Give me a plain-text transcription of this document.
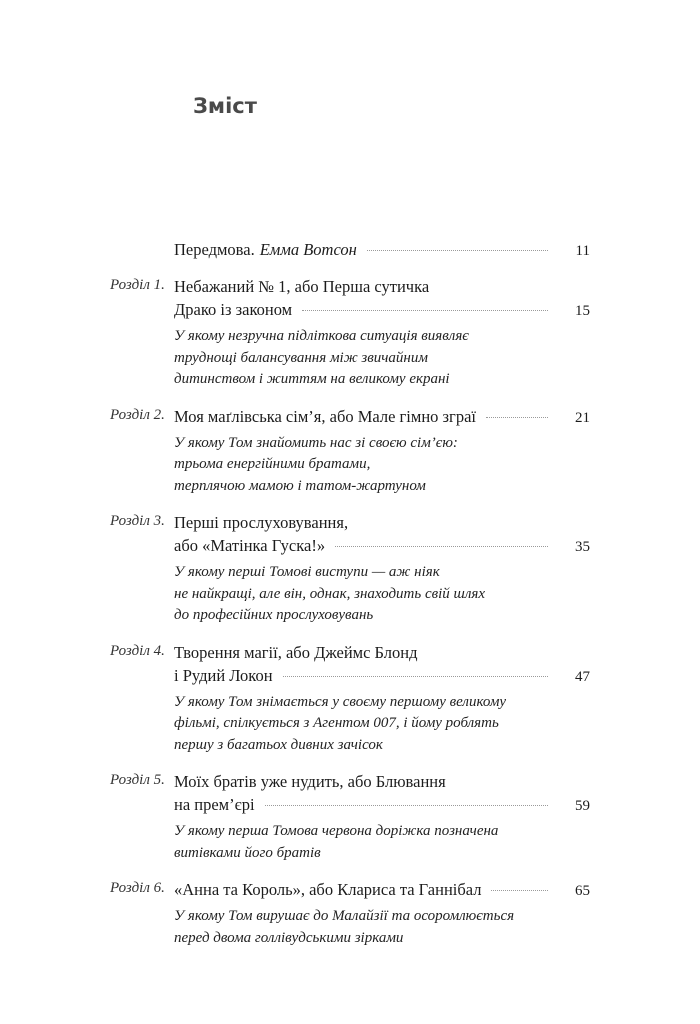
Зміст
Передмова. Емма Вотсон	11
Розділ 1. Небажаний № 1, або Перша сутичка
Драко із законом	15
У якому незручна підліткова ситуація виявляє
труднощі балансування між звичайним
дитинством і життям на великому екрані
Розділ 2. Моя маґлівська сім’я, або Мале гімно зграї	21
У якому Том знайомить нас зі своєю сім’єю:
трьома енергійними братами,
терплячою мамою і татом-жартуном
Розділ 3. Перші прослуховування,
або «Матінка Гуска!»	35
У якому перші Томові виступи — аж ніяк
не найкращі, але він, однак, знаходить свій шлях
до професійних прослуховувань
Розділ 4. Творення магії, або Джеймс Блонд
і Рудий Локон	47
У якому Том знімається у своєму першому великому
фільмі, спілкується з Агентом 007, і йому роблять
першу з багатьох дивних зачісок
Розділ 5. Моїх братів уже нудить, або Блювання
на прем’єрі	59
У якому перша Томова червона доріжка позначена
витівками його братів
Розділ 6. «Анна та Король», або Клариса та Ганнібал	65
У якому Том вирушає до Малайзії та осоромлюється
перед двома голлівудськими зірками
